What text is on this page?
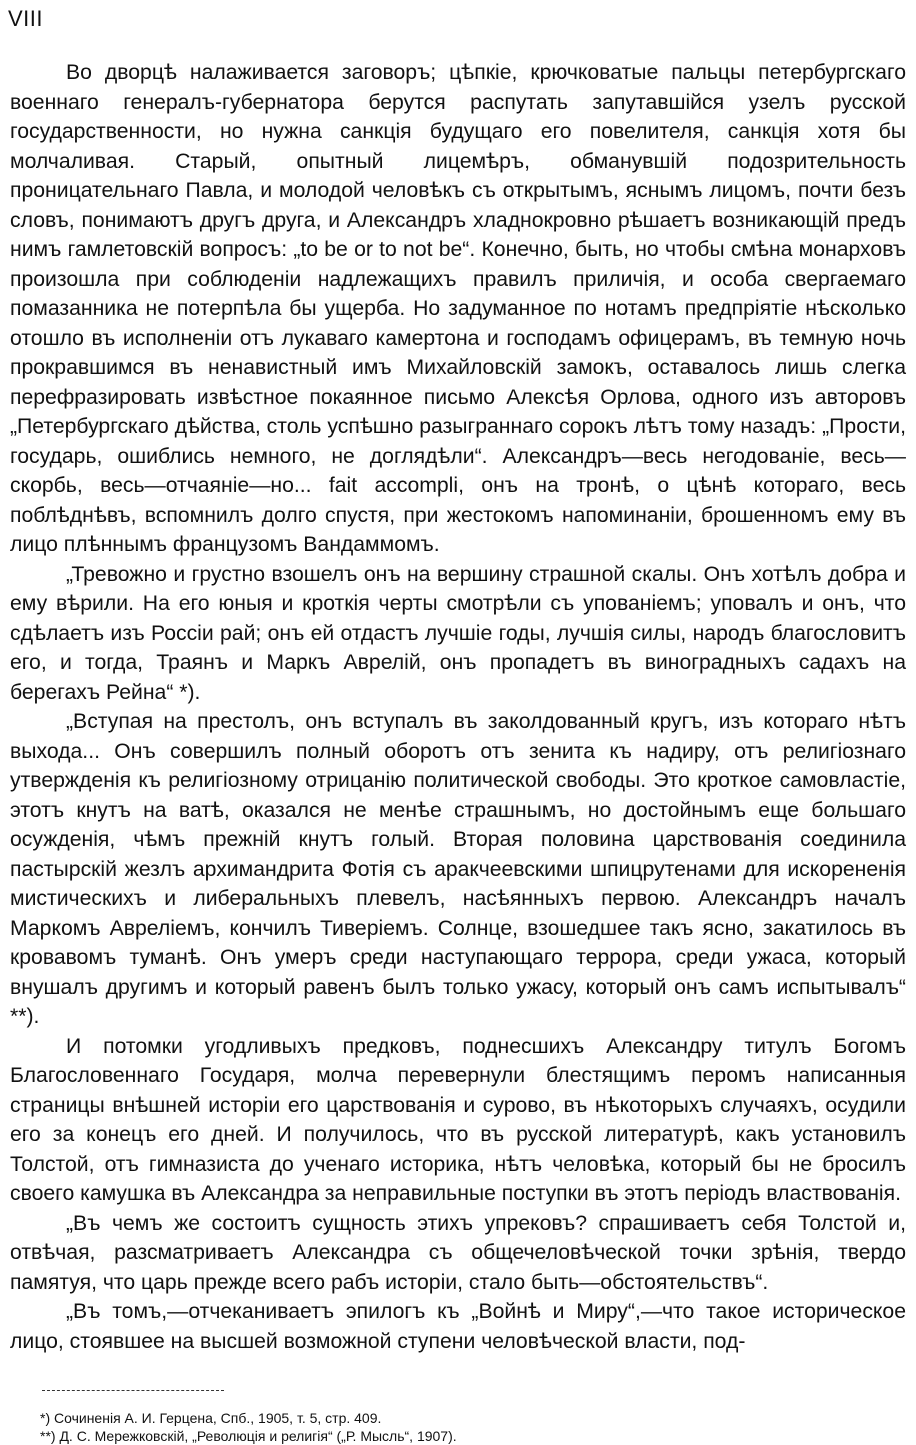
VIII

Во дворцѣ налаживается заговоръ; цѣпкіе, крючковатые пальцы петербургскаго военнаго генералъ-губернатора берутся распутать запутавшійся узелъ русской государственности, но нужна санкція будущаго его повелителя, санкція хотя бы молчаливая. Старый, опытный лицемѣръ, обманувшій подозрительность проницательнаго Павла, и молодой человѣкъ съ открытымъ, яснымъ лицомъ, почти безъ словъ, понимаютъ другъ друга, и Александръ хладнокровно рѣшаетъ возникающій предъ нимъ гамлетовскій вопросъ: „to be or to not be“. Конечно, быть, но чтобы смѣна монарховъ произошла при соблюденіи надлежащихъ правилъ приличія, и особа свергаемаго помазанника не потерпѣла бы ущерба. Но задуманное по нотамъ предпріятіе нѣсколько отошло въ исполненіи отъ лукаваго камертона и господамъ офицерамъ, въ темную ночь прокравшимся въ ненавистный имъ Михайловскій замокъ, оставалось лишь слегка перефразировать извѣстное покаянное письмо Алексѣя Орлова, одного изъ авторовъ „Петербургскаго дѣйства, столь успѣшно разыграннаго сорокъ лѣтъ тому назадъ: „Прости, государь, ошиблись немного, не доглядѣли“. Александръ—весь негодованіе, весь—скорбь, весь—отчаяніе—но... fait accompli, онъ на тронѣ, о цѣнѣ котораго, весь поблѣднѣвъ, вспомнилъ долго спустя, при жестокомъ напоминаніи, брошенномъ ему въ лицо плѣннымъ французомъ Вандаммомъ.

„Тревожно и грустно взошелъ онъ на вершину страшной скалы. Онъ хотѣлъ добра и ему вѣрили. На его юныя и кроткія черты смотрѣли съ упованіемъ; уповалъ и онъ, что сдѣлаетъ изъ Россіи рай; онъ ей отдастъ лучшіе годы, лучшія силы, народъ благословитъ его, и тогда, Траянъ и Маркъ Аврелій, онъ пропадетъ въ виноградныхъ садахъ на берегахъ Рейна“ *).

„Вступая на престолъ, онъ вступалъ въ заколдованный кругъ, изъ котораго нѣтъ выхода... Онъ совершилъ полный оборотъ отъ зенита къ надиру, отъ религіознаго утвержденія къ религіозному отрицанію политической свободы. Это кроткое самовластіе, этотъ кнутъ на ватѣ, оказался не менѣе страшнымъ, но достойнымъ еще большаго осужденія, чѣмъ прежній кнутъ голый. Вторая половина царствованія соединила пастырскій жезлъ архимандрита Фотія съ аракчеевскими шпицрутенами для искорененія мистическихъ и либеральныхъ плевелъ, насѣянныхъ первою. Александръ началъ Маркомъ Авреліемъ, кончилъ Тиверіемъ. Солнце, взошедшее такъ ясно, закатилось въ кровавомъ туманѣ. Онъ умеръ среди наступающаго террора, среди ужаса, который внушалъ другимъ и который равенъ былъ только ужасу, который онъ самъ испытывалъ“ **).

И потомки угодливыхъ предковъ, поднесшихъ Александру титулъ Богомъ Благословеннаго Государя, молча перевернули блестящимъ перомъ написанныя страницы внѣшней исторіи его царствованія и сурово, въ нѣкоторыхъ случаяхъ, осудили его за конецъ его дней. И получилось, что въ русской литературѣ, какъ установилъ Толстой, отъ гимназиста до ученаго историка, нѣтъ человѣка, который бы не бросилъ своего камушка въ Александра за неправильные поступки въ этотъ періодъ властвованія.

„Въ чемъ же состоитъ сущность этихъ упрековъ? спрашиваетъ себя Толстой и, отвѣчая, разсматриваетъ Александра съ общечеловѣческой точки зрѣнія, твердо памятуя, что царь прежде всего рабъ исторіи, стало быть—обстоятельствъ“.

„Въ томъ,—отчеканиваетъ эпилогъ къ „Войнѣ и Миру“,—что такое историческое лицо, стоявшее на высшей возможной ступени человѣческой власти, под-

*) Сочиненія А. И. Герцена, Спб., 1905, т. 5, стр. 409.

**) Д. С. Мережковскій, „Революція и религія“ („Р. Мысль“, 1907).
